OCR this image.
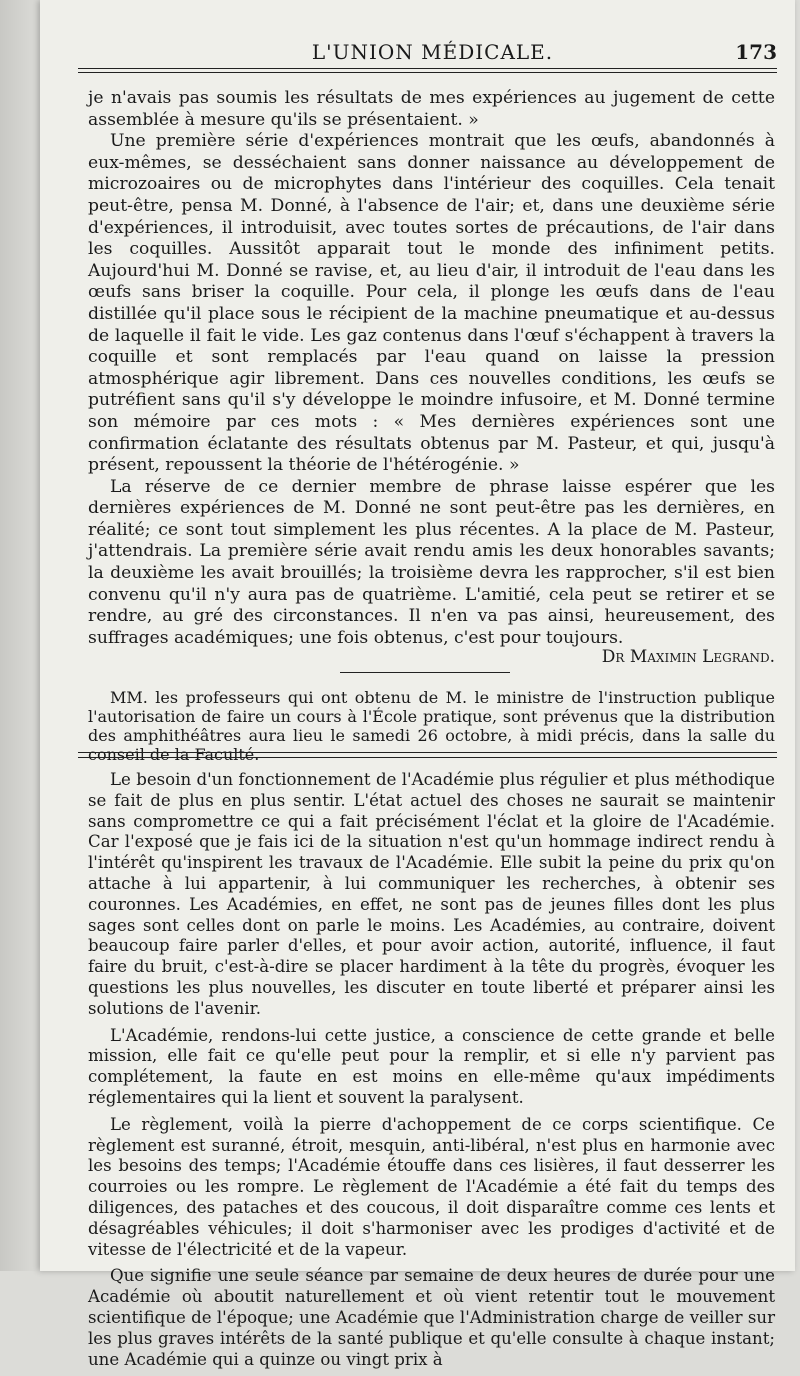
L'UNION MÉDICALE.	173

je n'avais pas soumis les résultats de mes expériences au jugement de cette assemblée à mesure qu'ils se présentaient. »

Une première série d'expériences montrait que les œufs, abandonnés à eux-mêmes, se desséchaient sans donner naissance au développement de microzoaires ou de microphytes dans l'intérieur des coquilles. Cela tenait peut-être, pensa M. Donné, à l'absence de l'air; et, dans une deuxième série d'expériences, il introduisit, avec toutes sortes de précautions, de l'air dans les coquilles. Aussitôt apparait tout le monde des infiniment petits. Aujourd'hui M. Donné se ravise, et, au lieu d'air, il introduit de l'eau dans les œufs sans briser la coquille. Pour cela, il plonge les œufs dans de l'eau distillée qu'il place sous le récipient de la machine pneumatique et au-dessus de laquelle il fait le vide. Les gaz contenus dans l'œuf s'échappent à travers la coquille et sont remplacés par l'eau quand on laisse la pression atmosphérique agir librement. Dans ces nouvelles conditions, les œufs se putréfient sans qu'il s'y développe le moindre infusoire, et M. Donné termine son mémoire par ces mots : « Mes dernières expériences sont une confirmation éclatante des résultats obtenus par M. Pasteur, et qui, jusqu'à présent, repoussent la théorie de l'hétérogénie. »

La réserve de ce dernier membre de phrase laisse espérer que les dernières expériences de M. Donné ne sont peut-être pas les dernières, en réalité; ce sont tout simplement les plus récentes. A la place de M. Pasteur, j'attendrais. La première série avait rendu amis les deux honorables savants; la deuxième les avait brouillés; la troisième devra les rapprocher, s'il est bien convenu qu'il n'y aura pas de quatrième. L'amitié, cela peut se retirer et se rendre, au gré des circonstances. Il n'en va pas ainsi, heureusement, des suffrages académiques; une fois obtenus, c'est pour toujours.

Dr Maximin Legrand.

MM. les professeurs qui ont obtenu de M. le ministre de l'instruction publique l'autorisation de faire un cours à l'École pratique, sont prévenus que la distribution des amphithéâtres aura lieu le samedi 26 octobre, à midi précis, dans la salle du conseil de la Faculté.

Le besoin d'un fonctionnement de l'Académie plus régulier et plus méthodique se fait de plus en plus sentir. L'état actuel des choses ne saurait se maintenir sans compromettre ce qui a fait précisément l'éclat et la gloire de l'Académie. Car l'exposé que je fais ici de la situation n'est qu'un hommage indirect rendu à l'intérêt qu'inspirent les travaux de l'Académie. Elle subit la peine du prix qu'on attache à lui appartenir, à lui communiquer les recherches, à obtenir ses couronnes. Les Académies, en effet, ne sont pas de jeunes filles dont les plus sages sont celles dont on parle le moins. Les Académies, au contraire, doivent beaucoup faire parler d'elles, et pour avoir action, autorité, influence, il faut faire du bruit, c'est-à-dire se placer hardiment à la tête du progrès, évoquer les questions les plus nouvelles, les discuter en toute liberté et préparer ainsi les solutions de l'avenir.

L'Académie, rendons-lui cette justice, a conscience de cette grande et belle mission, elle fait ce qu'elle peut pour la remplir, et si elle n'y parvient pas complétement, la faute en est moins en elle-même qu'aux impédiments réglementaires qui la lient et souvent la paralysent.

Le règlement, voilà la pierre d'achoppement de ce corps scientifique. Ce règlement est suranné, étroit, mesquin, anti-libéral, n'est plus en harmonie avec les besoins des temps; l'Académie étouffe dans ces lisières, il faut desserrer les courroies ou les rompre. Le règlement de l'Académie a été fait du temps des diligences, des pataches et des coucous, il doit disparaître comme ces lents et désagréables véhicules; il doit s'harmoniser avec les prodiges d'activité et de vitesse de l'électricité et de la vapeur.

Que signifie une seule séance par semaine de deux heures de durée pour une Académie où aboutit naturellement et où vient retentir tout le mouvement scientifique de l'époque; une Académie que l'Administration charge de veiller sur les plus graves intérêts de la santé publique et qu'elle consulte à chaque instant; une Académie qui a quinze ou vingt prix à
